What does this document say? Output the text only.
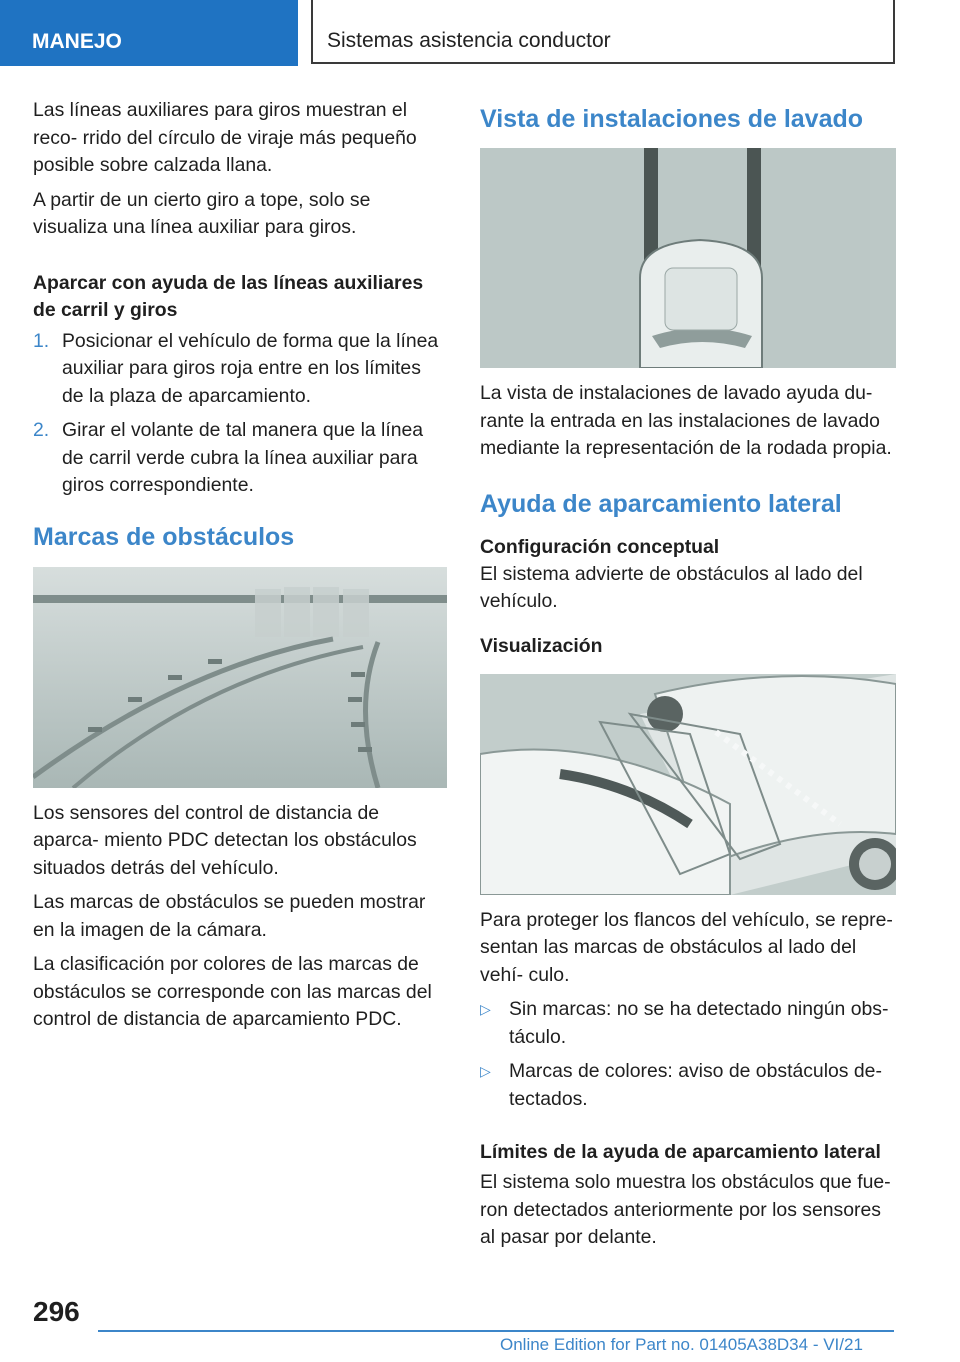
MANEJO	Sistemas asistencia conductor

Las líneas auxiliares para giros muestran el reco- rrido del círculo de viraje más pequeño posible sobre calzada llana.

A partir de un cierto giro a tope, solo se visualiza una línea auxiliar para giros.

Aparcar con ayuda de las líneas auxiliares de carril y giros
1. Posicionar el vehículo de forma que la línea auxiliar para giros roja entre en los límites de la plaza de aparcamiento.
2. Girar el volante de tal manera que la línea de carril verde cubra la línea auxiliar para giros correspondiente.
Marcas de obstáculos

Los sensores del control de distancia de aparca- miento PDC detectan los obstáculos situados detrás del vehículo.

Las marcas de obstáculos se pueden mostrar en la imagen de la cámara.

La clasificación por colores de las marcas de obstáculos se corresponde con las marcas del control de distancia de aparcamiento PDC.

Vista de instalaciones de lavado

La vista de instalaciones de lavado ayuda du- rante la entrada en las instalaciones de lavado mediante la representación de la rodada propia.

Ayuda de aparcamiento lateral
Configuración conceptual

El sistema advierte de obstáculos al lado del vehículo.

Visualización

Para proteger los flancos del vehículo, se repre- sentan las marcas de obstáculos al lado del vehí- culo.

▷ Sin marcas: no se ha detectado ningún obs- táculo.
▷ Marcas de colores: aviso de obstáculos de- tectados.
Límites de la ayuda de aparcamiento lateral

El sistema solo muestra los obstáculos que fue- ron detectados anteriormente por los sensores al pasar por delante.

296
Online Edition for Part no. 01405A38D34 - VI/21
